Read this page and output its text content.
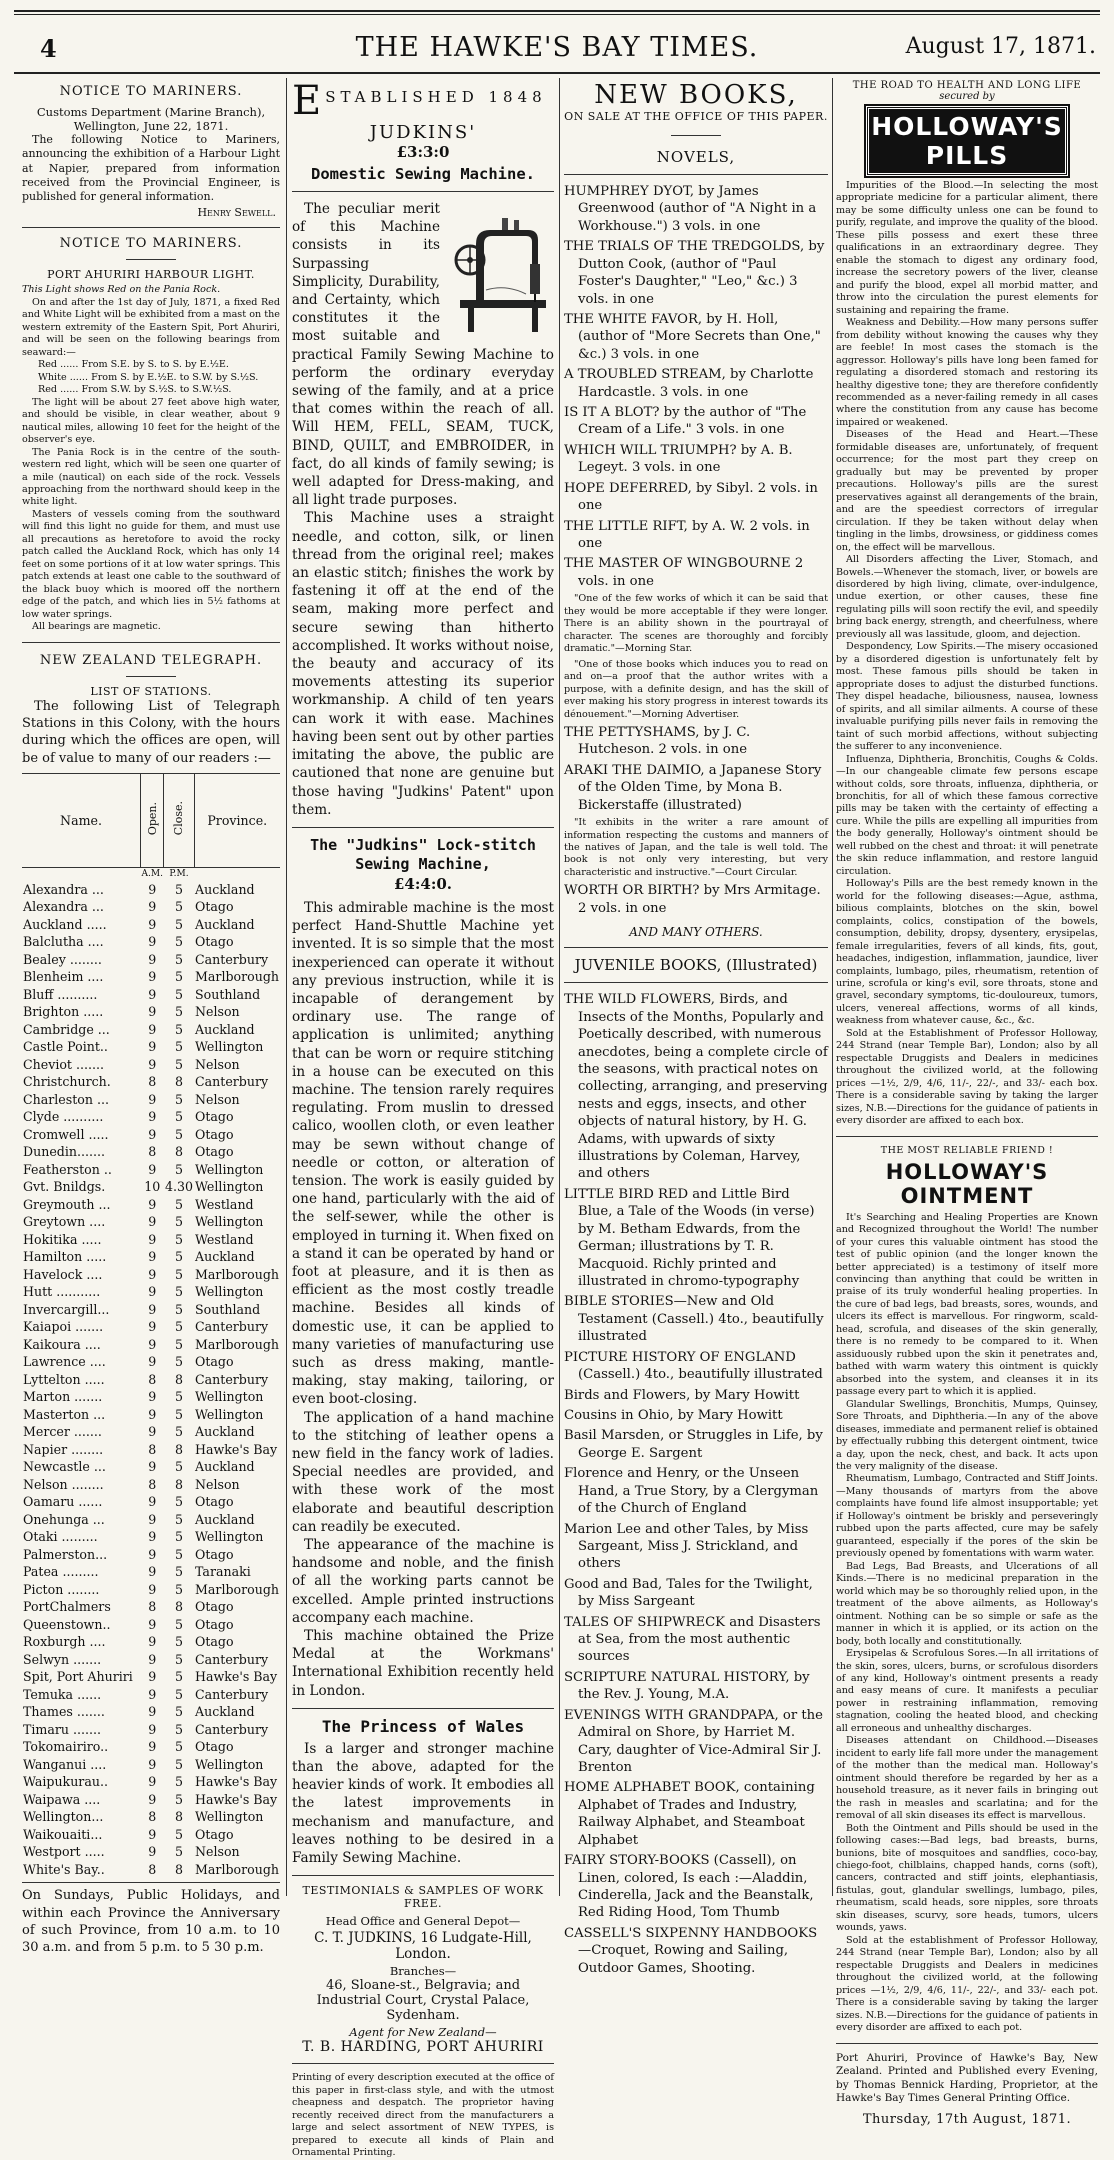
4	THE HAWKE'S BAY TIMES.	August 17, 1871.
NOTICE TO MARINERS.
Customs Department (Marine Branch),
Wellington, June 22, 1871.

The following Notice to Mariners, announcing the exhibition of a Harbour Light at Napier, prepared from information received from the Provincial Engineer, is published for general information.

Henry Sewell.
NOTICE TO MARINERS.
PORT AHURIRI HARBOUR LIGHT.
This Light shows Red on the Pania Rock.

On and after the 1st day of July, 1871, a fixed Red and White Light will be exhibited from a mast on the western extremity of the Eastern Spit, Port Ahuriri, and will be seen on the following bearings from seaward:—

Red ...... From S.E. by S. to S. by E.½E.
White ...... From S. by E.½E. to S.W. by S.½S.
Red ...... From S.W. by S.½S. to S.W.½S.

The light will be about 27 feet above high water, and should be visible, in clear weather, about 9 nautical miles, allowing 10 feet for the height of the observer's eye.

The Pania Rock is in the centre of the south-western red light, which will be seen one quarter of a mile (nautical) on each side of the rock. Vessels approaching from the northward should keep in the white light.

Masters of vessels coming from the southward will find this light no guide for them, and must use all precautions as heretofore to avoid the rocky patch called the Auckland Rock, which has only 14 feet on some portions of it at low water springs. This patch extends at least one cable to the southward of the black buoy which is moored off the northern edge of the patch, and which lies in 5½ fathoms at low water springs.

All bearings are magnetic.

NEW ZEALAND TELEGRAPH.
LIST OF STATIONS.

The following List of Telegraph Stations in this Colony, with the hours during which the offices are open, will be of value to many of our readers :—

Name.	Open.	Close.	Province.
	A.M.	P.M.	
Alexandra ...	9	5	Auckland
Alexandra ...	9	5	Otago
Auckland .....	9	5	Auckland
Balclutha ....	9	5	Otago
Bealey ........	9	5	Canterbury
Blenheim ....	9	5	Marlborough
Bluff ..........	9	5	Southland
Brighton .....	9	5	Nelson
Cambridge ...	9	5	Auckland
Castle Point..	9	5	Wellington
Cheviot .......	9	5	Nelson
Christchurch.	8	8	Canterbury
Charleston ...	9	5	Nelson
Clyde ..........	9	5	Otago
Cromwell .....	9	5	Otago
Dunedin.......	8	8	Otago
Featherston ..	9	5	Wellington
Gvt. Bnildgs.	10	4.30	Wellington
Greymouth ...	9	5	Westland
Greytown ....	9	5	Wellington
Hokitika .....	9	5	Westland
Hamilton .....	9	5	Auckland
Havelock ....	9	5	Marlborough
Hutt ...........	9	5	Wellington
Invercargill...	9	5	Southland
Kaiapoi .......	9	5	Canterbury
Kaikoura ....	9	5	Marlborough
Lawrence ....	9	5	Otago
Lyttelton .....	8	8	Canterbury
Marton .......	9	5	Wellington
Masterton ...	9	5	Wellington
Mercer .......	9	5	Auckland
Napier ........	8	8	Hawke's Bay
Newcastle ...	9	5	Auckland
Nelson ........	8	8	Nelson
Oamaru ......	9	5	Otago
Onehunga ...	9	5	Auckland
Otaki .........	9	5	Wellington
Palmerston...	9	5	Otago
Patea .........	9	5	Taranaki
Picton ........	9	5	Marlborough
PortChalmers	8	8	Otago
Queenstown..	9	5	Otago
Roxburgh ....	9	5	Otago
Selwyn .......	9	5	Canterbury
Spit, Port Ahuriri	9	5	Hawke's Bay
Temuka ......	9	5	Canterbury
Thames .......	9	5	Auckland
Timaru .......	9	5	Canterbury
Tokomairiro..	9	5	Otago
Wanganui ....	9	5	Wellington
Waipukurau..	9	5	Hawke's Bay
Waipawa ....	9	5	Hawke's Bay
Wellington...	8	8	Wellington
Waikouaiti...	9	5	Otago
Westport .....	9	5	Nelson
White's Bay..	8	8	Marlborough
On Sundays, Public Holidays, and within each Province the Anniversary of such Province, from 10 a.m. to 10 30 a.m. and from 5 p.m. to 5 30 p.m.
E STABLISHED 1848
JUDKINS'
£3:3:0
Domestic Sewing Machine.

The peculiar merit of this Machine consists in its Surpassing Simplicity, Durability, and Certainty, which constitutes it the most suitable and practical Family Sewing Machine to perform the ordinary everyday sewing of the family, and at a price that comes within the reach of all. Will HEM, FELL, SEAM, TUCK, BIND, QUILT, and EMBROIDER, in fact, do all kinds of family sewing; is well adapted for Dress-making, and all light trade purposes.

This Machine uses a straight needle, and cotton, silk, or linen thread from the original reel; makes an elastic stitch; finishes the work by fastening it off at the end of the seam, making more perfect and secure sewing than hitherto accomplished. It works without noise, the beauty and accuracy of its movements attesting its superior workmanship. A child of ten years can work it with ease. Machines having been sent out by other parties imitating the above, the public are cautioned that none are genuine but those having "Judkins' Patent" upon them.

The "Judkins" Lock-stitch Sewing Machine,
£4:4:0.

This admirable machine is the most perfect Hand-Shuttle Machine yet invented. It is so simple that the most inexperienced can operate it without any previous instruction, while it is incapable of derangement by ordinary use. The range of application is unlimited; anything that can be worn or require stitching in a house can be executed on this machine. The tension rarely requires regulating. From muslin to dressed calico, woollen cloth, or even leather may be sewn without change of needle or cotton, or alteration of tension. The work is easily guided by one hand, particularly with the aid of the self-sewer, while the other is employed in turning it. When fixed on a stand it can be operated by hand or foot at pleasure, and it is then as efficient as the most costly treadle machine. Besides all kinds of domestic use, it can be applied to many varieties of manufacturing use such as dress making, mantle-making, stay making, tailoring, or even boot-closing.

The application of a hand machine to the stitching of leather opens a new field in the fancy work of ladies. Special needles are provided, and with these work of the most elaborate and beautiful description can readily be executed.

The appearance of the machine is handsome and noble, and the finish of all the working parts cannot be excelled. Ample printed instructions accompany each machine.

This machine obtained the Prize Medal at the Workmans' International Exhibition recently held in London.

The Princess of Wales

Is a larger and stronger machine than the above, adapted for the heavier kinds of work. It embodies all the latest improvements in mechanism and manufacture, and leaves nothing to be desired in a Family Sewing Machine.

TESTIMONIALS & SAMPLES OF WORK FREE.
Head Office and General Depot—
C. T. JUDKINS, 16 Ludgate-Hill, London.
Branches—
46, Sloane-st., Belgravia; and Industrial Court, Crystal Palace, Sydenham.
Agent for New Zealand—
T. B. HARDING, PORT AHURIRI
Printing of every description executed at the office of this paper in first-class style, and with the utmost cheapness and despatch. The proprietor having recently received direct from the manufacturers a large and select assortment of NEW TYPES, is prepared to execute all kinds of Plain and Ornamental Printing.
NEW BOOKS,
ON SALE AT THE OFFICE OF THIS PAPER.
NOVELS,
HUMPHREY DYOT, by James Greenwood (author of "A Night in a Workhouse.") 3 vols. in one
THE TRIALS OF THE TREDGOLDS, by Dutton Cook, (author of "Paul Foster's Daughter," "Leo," &c.) 3 vols. in one
THE WHITE FAVOR, by H. Holl, (author of "More Secrets than One," &c.) 3 vols. in one
A TROUBLED STREAM, by Charlotte Hardcastle. 3 vols. in one
IS IT A BLOT? by the author of "The Cream of a Life." 3 vols. in one
WHICH WILL TRIUMPH? by A. B. Legeyt. 3 vols. in one
HOPE DEFERRED, by Sibyl. 2 vols. in one
THE LITTLE RIFT, by A. W. 2 vols. in one
THE MASTER OF WINGBOURNE 2 vols. in one
"One of the few works of which it can be said that they would be more acceptable if they were longer. There is an ability shown in the pourtrayal of character. The scenes are thoroughly and forcibly dramatic."—Morning Star.
"One of those books which induces you to read on and on—a proof that the author writes with a purpose, with a definite design, and has the skill of ever making his story progress in interest towards its dénouement."—Morning Advertiser.
THE PETTYSHAMS, by J. C. Hutcheson. 2 vols. in one
ARAKI THE DAIMIO, a Japanese Story of the Olden Time, by Mona B. Bickerstaffe (illustrated)
"It exhibits in the writer a rare amount of information respecting the customs and manners of the natives of Japan, and the tale is well told. The book is not only very interesting, but very characteristic and instructive."—Court Circular.
WORTH OR BIRTH? by Mrs Armitage. 2 vols. in one
AND MANY OTHERS.
JUVENILE BOOKS, (Illustrated)
THE WILD FLOWERS, Birds, and Insects of the Months, Popularly and Poetically described, with numerous anecdotes, being a complete circle of the seasons, with practical notes on collecting, arranging, and preserving nests and eggs, insects, and other objects of natural history, by H. G. Adams, with upwards of sixty illustrations by Coleman, Harvey, and others
LITTLE BIRD RED and Little Bird Blue, a Tale of the Woods (in verse) by M. Betham Edwards, from the German; illustrations by T. R. Macquoid. Richly printed and illustrated in chromo-typography
BIBLE STORIES—New and Old Testament (Cassell.) 4to., beautifully illustrated
PICTURE HISTORY OF ENGLAND (Cassell.) 4to., beautifully illustrated
Birds and Flowers, by Mary Howitt
Cousins in Ohio, by Mary Howitt
Basil Marsden, or Struggles in Life, by George E. Sargent
Florence and Henry, or the Unseen Hand, a True Story, by a Clergyman of the Church of England
Marion Lee and other Tales, by Miss Sargeant, Miss J. Strickland, and others
Good and Bad, Tales for the Twilight, by Miss Sargeant
TALES OF SHIPWRECK and Disasters at Sea, from the most authentic sources
SCRIPTURE NATURAL HISTORY, by the Rev. J. Young, M.A.
EVENINGS WITH GRANDPAPA, or the Admiral on Shore, by Harriet M. Cary, daughter of Vice-Admiral Sir J. Brenton
HOME ALPHABET BOOK, containing Alphabet of Trades and Industry, Railway Alphabet, and Steamboat Alphabet
FAIRY STORY-BOOKS (Cassell), on Linen, colored, Is each :—Aladdin, Cinderella, Jack and the Beanstalk, Red Riding Hood, Tom Thumb
CASSELL'S SIXPENNY HANDBOOKS—Croquet, Rowing and Sailing, Outdoor Games, Shooting.
THE ROAD TO HEALTH AND LONG LIFE
secured by
HOLLOWAY'S PILLS

Impurities of the Blood.—In selecting the most appropriate medicine for a particular aliment, there may be some difficulty unless one can be found to purify, regulate, and improve the quality of the blood. These pills possess and exert these three qualifications in an extraordinary degree. They enable the stomach to digest any ordinary food, increase the secretory powers of the liver, cleanse and purify the blood, expel all morbid matter, and throw into the circulation the purest elements for sustaining and repairing the frame.

Weakness and Debility.—How many persons suffer from debility without knowing the causes why they are feeble! In most cases the stomach is the aggressor. Holloway's pills have long been famed for regulating a disordered stomach and restoring its healthy digestive tone; they are therefore confidently recommended as a never-failing remedy in all cases where the constitution from any cause has become impaired or weakened.

Diseases of the Head and Heart.—These formidable diseases are, unfortunately, of frequent occurrence; for the most part they creep on gradually but may be prevented by proper precautions. Holloway's pills are the surest preservatives against all derangements of the brain, and are the speediest correctors of irregular circulation. If they be taken without delay when tingling in the limbs, drowsiness, or giddiness comes on, the effect will be marvellous.

All Disorders affecting the Liver, Stomach, and Bowels.—Whenever the stomach, liver, or bowels are disordered by high living, climate, over-indulgence, undue exertion, or other causes, these fine regulating pills will soon rectify the evil, and speedily bring back energy, strength, and cheerfulness, where previously all was lassitude, gloom, and dejection.

Despondency, Low Spirits.—The misery occasioned by a disordered digestion is unfortunately felt by most. These famous pills should be taken in appropriate doses to adjust the disturbed functions. They dispel headache, biliousness, nausea, lowness of spirits, and all similar ailments. A course of these invaluable purifying pills never fails in removing the taint of such morbid affections, without subjecting the sufferer to any inconvenience.

Influenza, Diphtheria, Bronchitis, Coughs & Colds.—In our changeable climate few persons escape without colds, sore throats, influenza, diphtheria, or bronchitis, for all of which these famous corrective pills may be taken with the certainty of effecting a cure. While the pills are expelling all impurities from the body generally, Holloway's ointment should be well rubbed on the chest and throat: it will penetrate the skin reduce inflammation, and restore languid circulation.

Holloway's Pills are the best remedy known in the world for the following diseases:—Ague, asthma, bilious complaints, blotches on the skin, bowel complaints, colics, constipation of the bowels, consumption, debility, dropsy, dysentery, erysipelas, female irregularities, fevers of all kinds, fits, gout, headaches, indigestion, inflammation, jaundice, liver complaints, lumbago, piles, rheumatism, retention of urine, scrofula or king's evil, sore throats, stone and gravel, secondary symptoms, tic-douloureux, tumors, ulcers, venereal affections, worms of all kinds, weakness from whatever cause, &c., &c.

Sold at the Establishment of Professor Holloway, 244 Strand (near Temple Bar), London; also by all respectable Druggists and Dealers in medicines throughout the civilized world, at the following prices —1½, 2/9, 4/6, 11/-, 22/-, and 33/- each box. There is a considerable saving by taking the larger sizes, N.B.—Directions for the guidance of patients in every disorder are affixed to each box.

THE MOST RELIABLE FRIEND !
HOLLOWAY'S OINTMENT

It's Searching and Healing Properties are Known and Recognized throughout the World! The number of your cures this valuable ointment has stood the test of public opinion (and the longer known the better appreciated) is a testimony of itself more convincing than anything that could be written in praise of its truly wonderful healing properties. In the cure of bad legs, bad breasts, sores, wounds, and ulcers its effect is marvellous. For ringworm, scald-head, scrofula, and diseases of the skin generally, there is no remedy to be compared to it. When assiduously rubbed upon the skin it penetrates and, bathed with warm watery this ointment is quickly absorbed into the system, and cleanses it in its passage every part to which it is applied.

Glandular Swellings, Bronchitis, Mumps, Quinsey, Sore Throats, and Diphtheria.—In any of the above diseases, immediate and permanent relief is obtained by effectually rubbing this detergent ointment, twice a day, upon the neck, chest, and back. It acts upon the very malignity of the disease.

Rheumatism, Lumbago, Contracted and Stiff Joints.—Many thousands of martyrs from the above complaints have found life almost insupportable; yet if Holloway's ointment be briskly and perseveringly rubbed upon the parts affected, cure may be safely guaranteed, especially if the pores of the skin be previously opened by fomentations with warm water.

Bad Legs, Bad Breasts, and Ulcerations of all Kinds.—There is no medicinal preparation in the world which may be so thoroughly relied upon, in the treatment of the above ailments, as Holloway's ointment. Nothing can be so simple or safe as the manner in which it is applied, or its action on the body, both locally and constitutionally.

Erysipelas & Scrofulous Sores.—In all irritations of the skin, sores, ulcers, burns, or scrofulous disorders of any kind, Holloway's ointment presents a ready and easy means of cure. It manifests a peculiar power in restraining inflammation, removing stagnation, cooling the heated blood, and checking all erroneous and unhealthy discharges.

Diseases attendant on Childhood.—Diseases incident to early life fall more under the management of the mother than the medical man. Holloway's ointment should therefore be regarded by her as a household treasure, as it never fails in bringing out the rash in measles and scarlatina; and for the removal of all skin diseases its effect is marvellous.

Both the Ointment and Pills should be used in the following cases:—Bad legs, bad breasts, burns, bunions, bite of mosquitoes and sandflies, coco-bay, chiego-foot, chilblains, chapped hands, corns (soft), cancers, contracted and stiff joints, elephantiasis, fistulas, gout, glandular swellings, lumbago, piles, rheumatism, scald heads, sore nipples, sore throats skin diseases, scurvy, sore heads, tumors, ulcers wounds, yaws.

Sold at the establishment of Professor Holloway, 244 Strand (near Temple Bar), London; also by all respectable Druggists and Dealers in medicines throughout the civilized world, at the following prices —1½, 2/9, 4/6, 11/-, 22/-, and 33/- each pot. There is a considerable saving by taking the larger sizes. N.B.—Directions for the guidance of patients in every disorder are affixed to each pot.

Port Ahuriri, Province of Hawke's Bay, New Zealand. Printed and Published every Evening, by Thomas Bennick Harding, Proprietor, at the Hawke's Bay Times General Printing Office.
Thursday, 17th August, 1871.
